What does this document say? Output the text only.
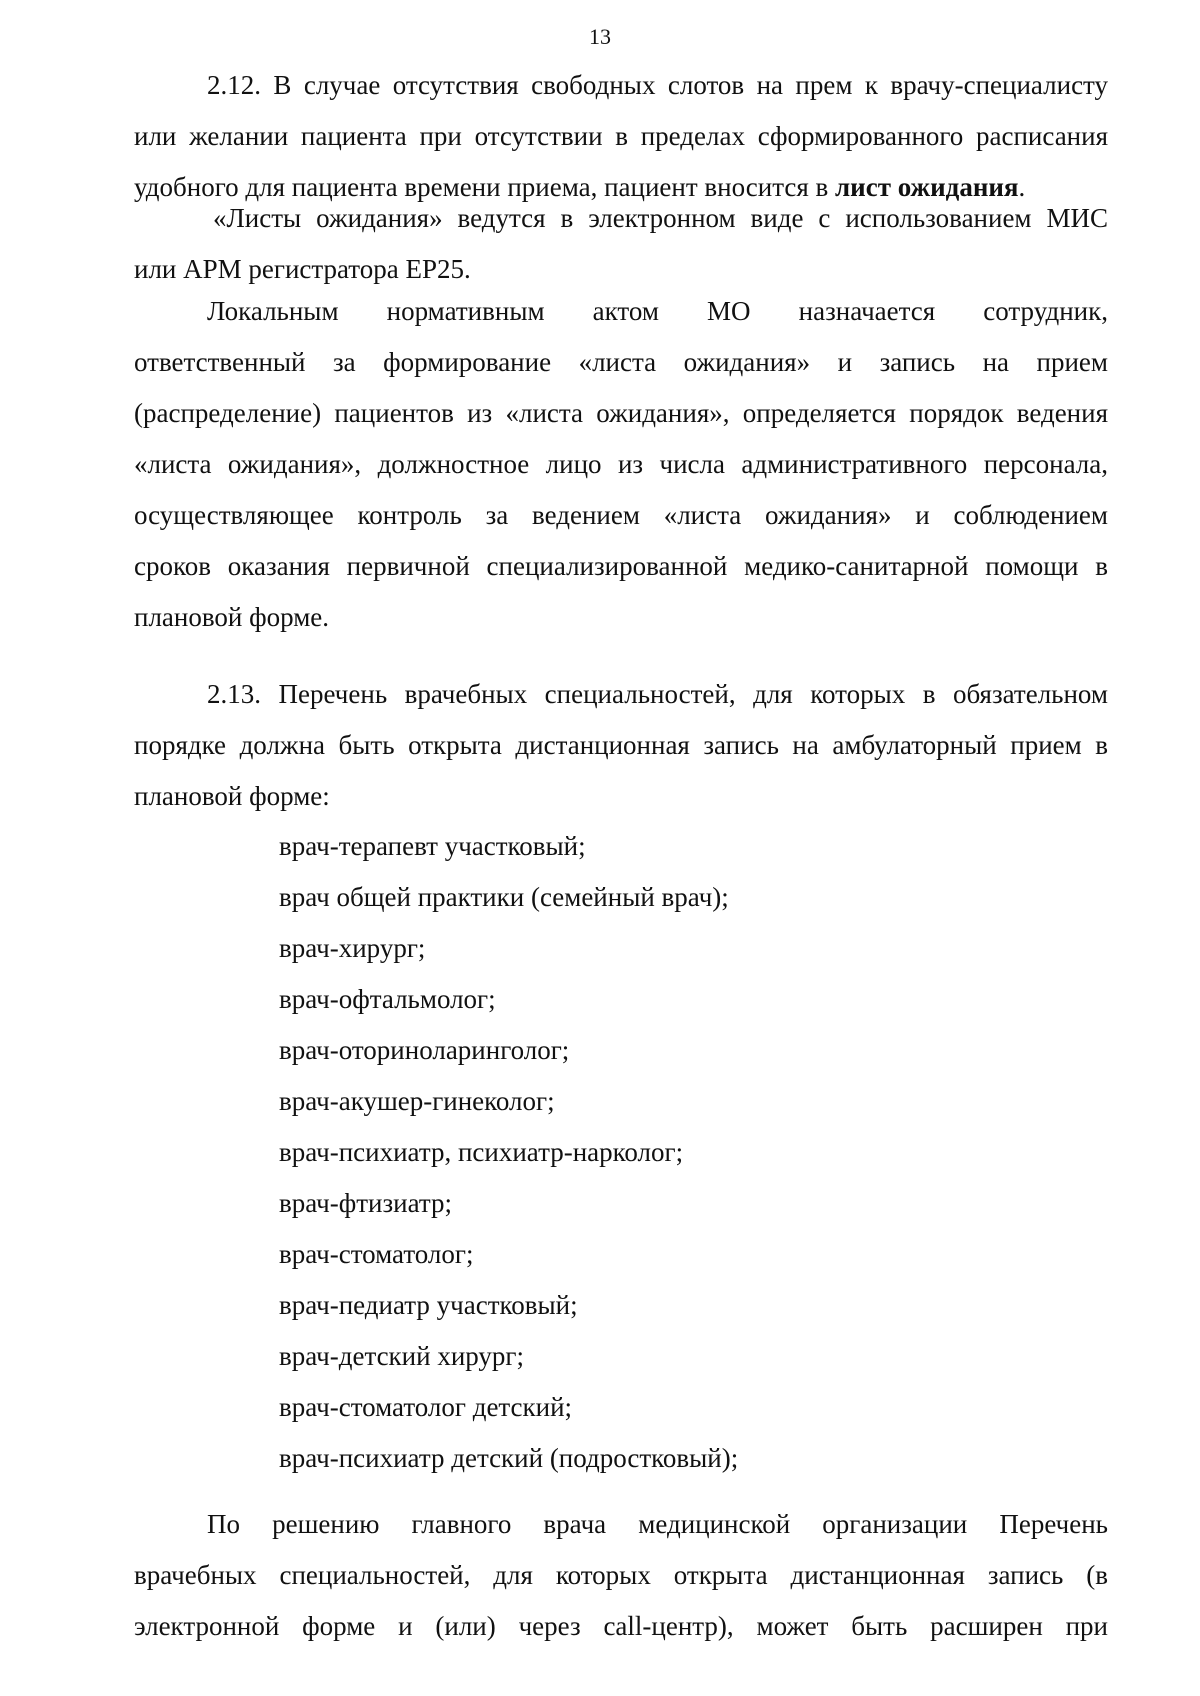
13
2.12. В случае отсутствия свободных слотов на прем к врачу-специалисту
или желании пациента при отсутствии в пределах сформированного расписания
удобного для пациента времени приема, пациент вносится в лист ожидания.
«Листы ожидания» ведутся в электронном виде с использованием МИС
или АРМ регистратора ЕР25.
Локальным нормативным актом МО назначается сотрудник,
ответственный за формирование «листа ожидания» и запись на прием
(распределение) пациентов из «листа ожидания», определяется порядок ведения
«листа ожидания», должностное лицо из числа административного персонала,
осуществляющее контроль за ведением «листа ожидания» и соблюдением
сроков оказания первичной специализированной медико-санитарной помощи в
плановой форме.
2.13. Перечень врачебных специальностей, для которых в обязательном
порядке должна быть открыта дистанционная запись на амбулаторный прием в
плановой форме:
врач-терапевт участковый;
врач общей практики (семейный врач);
врач-хирург;
врач-офтальмолог;
врач-оториноларинголог;
врач-акушер-гинеколог;
врач-психиатр, психиатр-нарколог;
врач-фтизиатр;
врач-стоматолог;
врач-педиатр участковый;
врач-детский хирург;
врач-стоматолог детский;
врач-психиатр детский (подростковый);
По решению главного врача медицинской организации Перечень
врачебных специальностей, для которых открыта дистанционная запись (в
электронной форме и (или) через call-центр), может быть расширен при
